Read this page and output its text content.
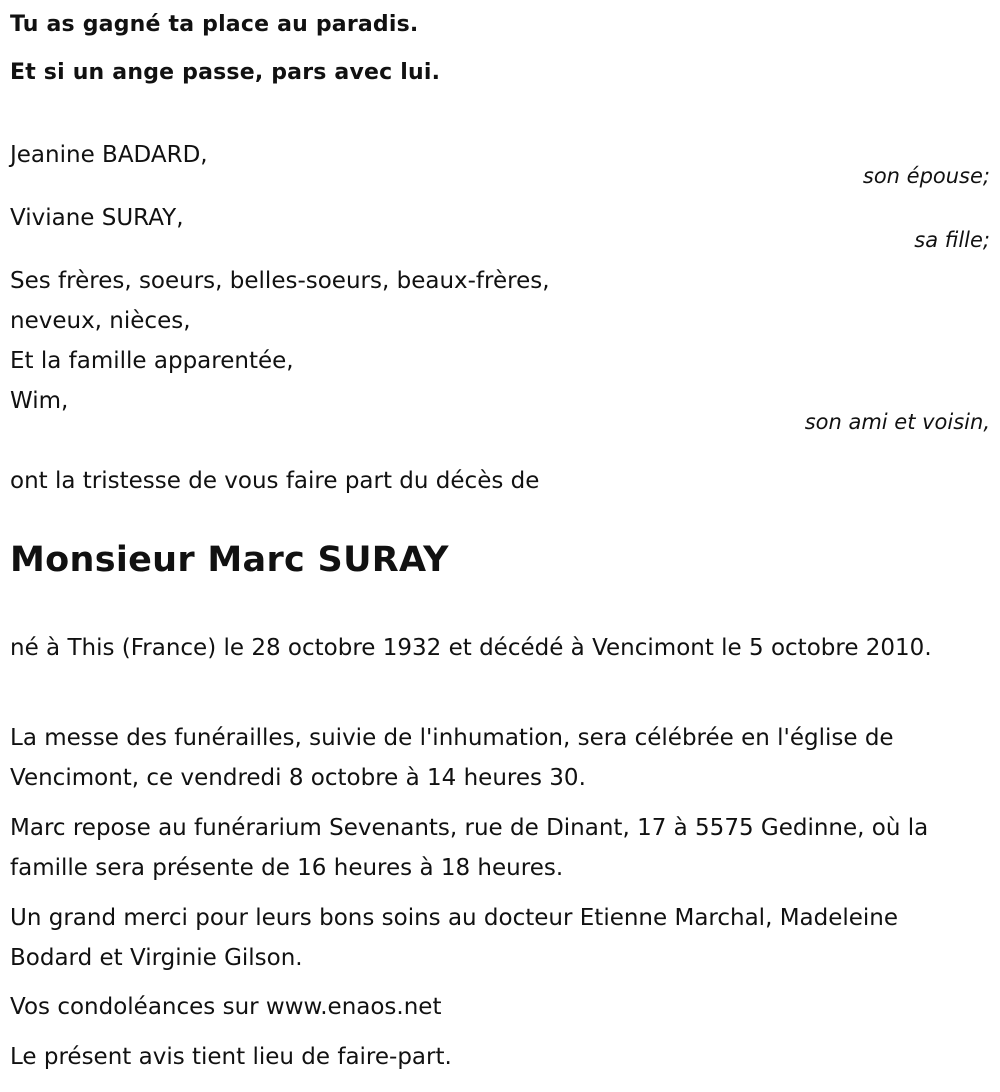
Tu as gagné ta place au paradis.
Et si un ange passe, pars avec lui.
Jeanine BADARD,
son épouse;
Viviane SURAY,
sa fille;
Ses frères, soeurs, belles-soeurs, beaux-frères,
neveux, nièces,
Et la famille apparentée,
Wim,
son ami et voisin,
ont la tristesse de vous faire part du décès de
Monsieur Marc SURAY
né à This (France) le 28 octobre 1932 et décédé à Vencimont le 5 octobre 2010.
La messe des funérailles, suivie de l'inhumation, sera célébrée en l'église de Vencimont, ce vendredi 8 octobre à 14 heures 30.
Marc repose au funérarium Sevenants, rue de Dinant, 17 à 5575 Gedinne, où la famille sera présente de 16 heures à 18 heures.
Un grand merci pour leurs bons soins au docteur Etienne Marchal, Madeleine Bodard et Virginie Gilson.
Vos condoléances sur www.enaos.net
Le présent avis tient lieu de faire-part.
